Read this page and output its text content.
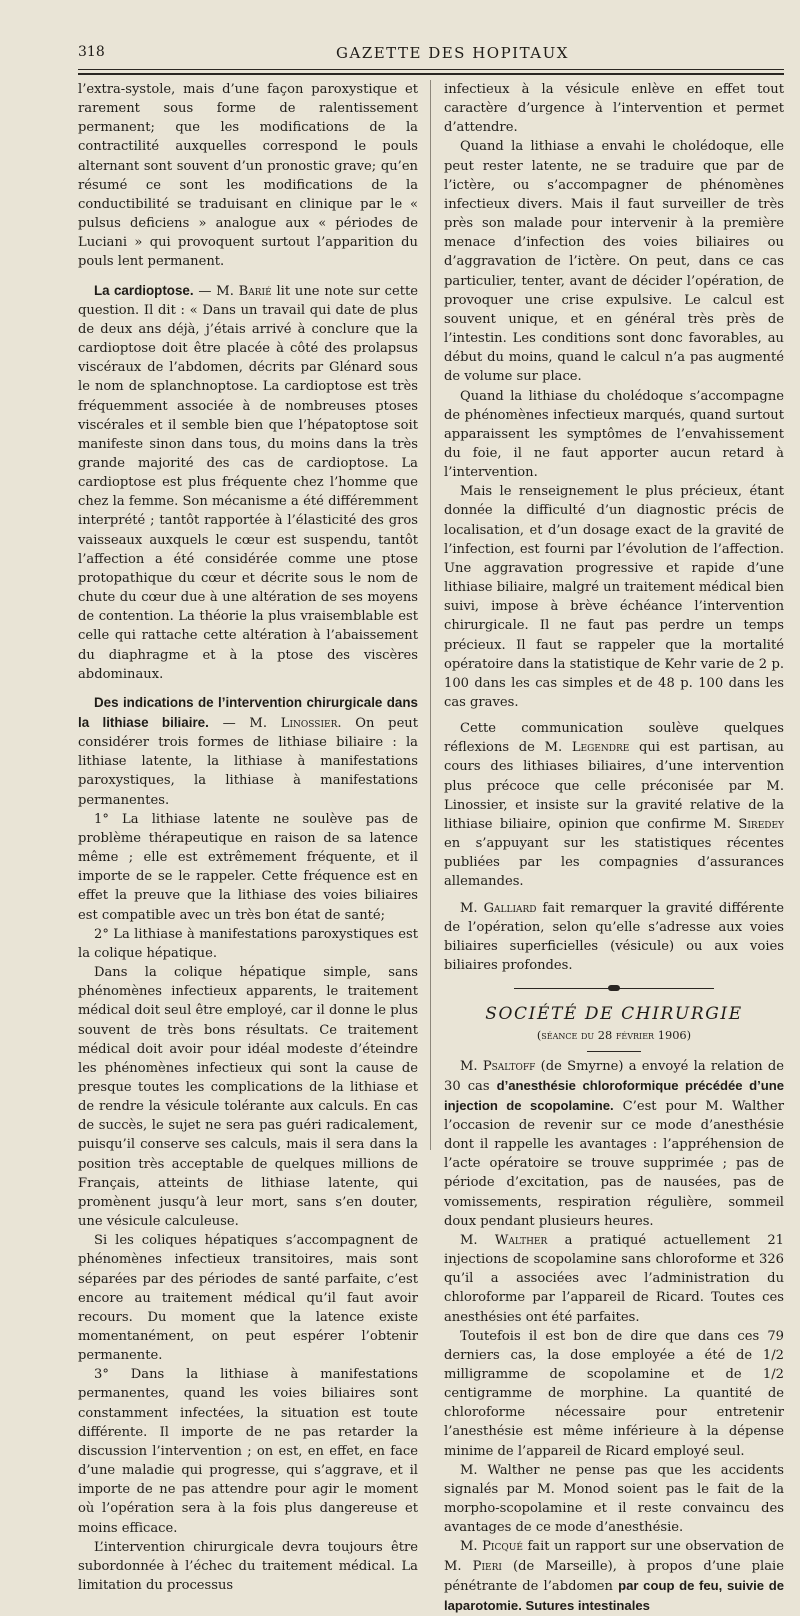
318	GAZETTE DES HOPITAUX

l’extra-systole, mais d’une façon paroxystique et rarement sous forme de ralentissement permanent; que les modifications de la contractilité auxquelles correspond le pouls alternant sont souvent d’un pronostic grave; qu’en résumé ce sont les modifications de la conductibilité se traduisant en clinique par le « pulsus deficiens » analogue aux « périodes de Luciani » qui provoquent surtout l’apparition du pouls lent permanent.

La cardioptose. — M. Barié lit une note sur cette question. Il dit : « Dans un travail qui date de plus de deux ans déjà, j’étais arrivé à conclure que la cardioptose doit être placée à côté des prolapsus viscéraux de l’abdomen, décrits par Glénard sous le nom de splanchnoptose. La cardioptose est très fréquemment associée à de nombreuses ptoses viscérales et il semble bien que l’hépatoptose soit manifeste sinon dans tous, du moins dans la très grande majorité des cas de cardioptose. La cardioptose est plus fréquente chez l’homme que chez la femme. Son mécanisme a été différemment interprété ; tantôt rapportée à l’élasticité des gros vaisseaux auxquels le cœur est suspendu, tantôt l’affection a été considérée comme une ptose protopathique du cœur et décrite sous le nom de chute du cœur due à une altération de ses moyens de contention. La théorie la plus vraisemblable est celle qui rattache cette altération à l’abaissement du diaphragme et à la ptose des viscères abdominaux.

Des indications de l’intervention chirurgicale dans la lithiase biliaire. — M. Linossier. On peut considérer trois formes de lithiase biliaire : la lithiase latente, la lithiase à manifestations paroxystiques, la lithiase à manifestations permanentes.

1° La lithiase latente ne soulève pas de problème thérapeutique en raison de sa latence même ; elle est extrêmement fréquente, et il importe de se le rappeler. Cette fréquence est en effet la preuve que la lithiase des voies biliaires est compatible avec un très bon état de santé;

2° La lithiase à manifestations paroxystiques est la colique hépatique.

Dans la colique hépatique simple, sans phénomènes infectieux apparents, le traitement médical doit seul être employé, car il donne le plus souvent de très bons résultats. Ce traitement médical doit avoir pour idéal modeste d’éteindre les phénomènes infectieux qui sont la cause de presque toutes les complications de la lithiase et de rendre la vésicule tolérante aux calculs. En cas de succès, le sujet ne sera pas guéri radicalement, puisqu’il conserve ses calculs, mais il sera dans la position très acceptable de quelques millions de Français, atteints de lithiase latente, qui promènent jusqu’à leur mort, sans s’en douter, une vésicule calculeuse.

Si les coliques hépatiques s’accompagnent de phénomènes infectieux transitoires, mais sont séparées par des périodes de santé parfaite, c’est encore au traitement médical qu’il faut avoir recours. Du moment que la latence existe momentanément, on peut espérer l’obtenir permanente.

3° Dans la lithiase à manifestations permanentes, quand les voies biliaires sont constamment infectées, la situation est toute différente. Il importe de ne pas retarder la discussion l’intervention ; on est, en effet, en face d’une maladie qui progresse, qui s’aggrave, et il importe de ne pas attendre pour agir le moment où l’opération sera à la fois plus dangereuse et moins efficace.

L’intervention chirurgicale devra toujours être subordonnée à l’échec du traitement médical. La limitation du processus

infectieux à la vésicule enlève en effet tout caractère d’urgence à l’intervention et permet d’attendre.

Quand la lithiase a envahi le cholédoque, elle peut rester latente, ne se traduire que par de l’ictère, ou s’accompagner de phénomènes infectieux divers. Mais il faut surveiller de très près son malade pour intervenir à la première menace d’infection des voies biliaires ou d’aggravation de l’ictère. On peut, dans ce cas particulier, tenter, avant de décider l’opération, de provoquer une crise expulsive. Le calcul est souvent unique, et en général très près de l’intestin. Les conditions sont donc favorables, au début du moins, quand le calcul n’a pas augmenté de volume sur place.

Quand la lithiase du cholédoque s’accompagne de phénomènes infectieux marqués, quand surtout apparaissent les symptômes de l’envahissement du foie, il ne faut apporter aucun retard à l’intervention.

Mais le renseignement le plus précieux, étant donnée la difficulté d’un diagnostic précis de localisation, et d’un dosage exact de la gravité de l’infection, est fourni par l’évolution de l’affection. Une aggravation progressive et rapide d’une lithiase biliaire, malgré un traitement médical bien suivi, impose à brève échéance l’intervention chirurgicale. Il ne faut pas perdre un temps précieux. Il faut se rappeler que la mortalité opératoire dans la statistique de Kehr varie de 2 p. 100 dans les cas simples et de 48 p. 100 dans les cas graves.

Cette communication soulève quelques réflexions de M. Legendre qui est partisan, au cours des lithiases biliaires, d’une intervention plus précoce que celle préconisée par M. Linossier, et insiste sur la gravité relative de la lithiase biliaire, opinion que confirme M. Siredey en s’appuyant sur les statistiques récentes publiées par les compagnies d’assurances allemandes.

M. Galliard fait remarquer la gravité différente de l’opération, selon qu’elle s’adresse aux voies biliaires superficielles (vésicule) ou aux voies biliaires profondes.

SOCIÉTÉ DE CHIRURGIE

(séance du 28 février 1906)

M. Psaltoff (de Smyrne) a envoyé la relation de 30 cas d’anesthésie chloroformique précédée d’une injection de scopolamine. C’est pour M. Walther l’occasion de revenir sur ce mode d’anesthésie dont il rappelle les avantages : l’appréhension de l’acte opératoire se trouve supprimée ; pas de période d’excitation, pas de nausées, pas de vomissements, respiration régulière, sommeil doux pendant plusieurs heures.

M. Walther a pratiqué actuellement 21 injections de scopolamine sans chloroforme et 326 qu’il a associées avec l’administration du chloroforme par l’appareil de Ricard. Toutes ces anesthésies ont été parfaites.

Toutefois il est bon de dire que dans ces 79 derniers cas, la dose employée a été de 1/2 milligramme de scopolamine et de 1/2 centigramme de morphine. La quantité de chloroforme nécessaire pour entretenir l’anesthésie est même inférieure à la dépense minime de l’appareil de Ricard employé seul.

M. Walther ne pense pas que les accidents signalés par M. Monod soient pas le fait de la morpho-scopolamine et il reste convaincu des avantages de ce mode d’anesthésie.

M. Picqué fait un rapport sur une observation de M. Pieri (de Marseille), à propos d’une plaie pénétrante de l’abdomen par coup de feu, suivie de laparotomie. Sutures intestinales
